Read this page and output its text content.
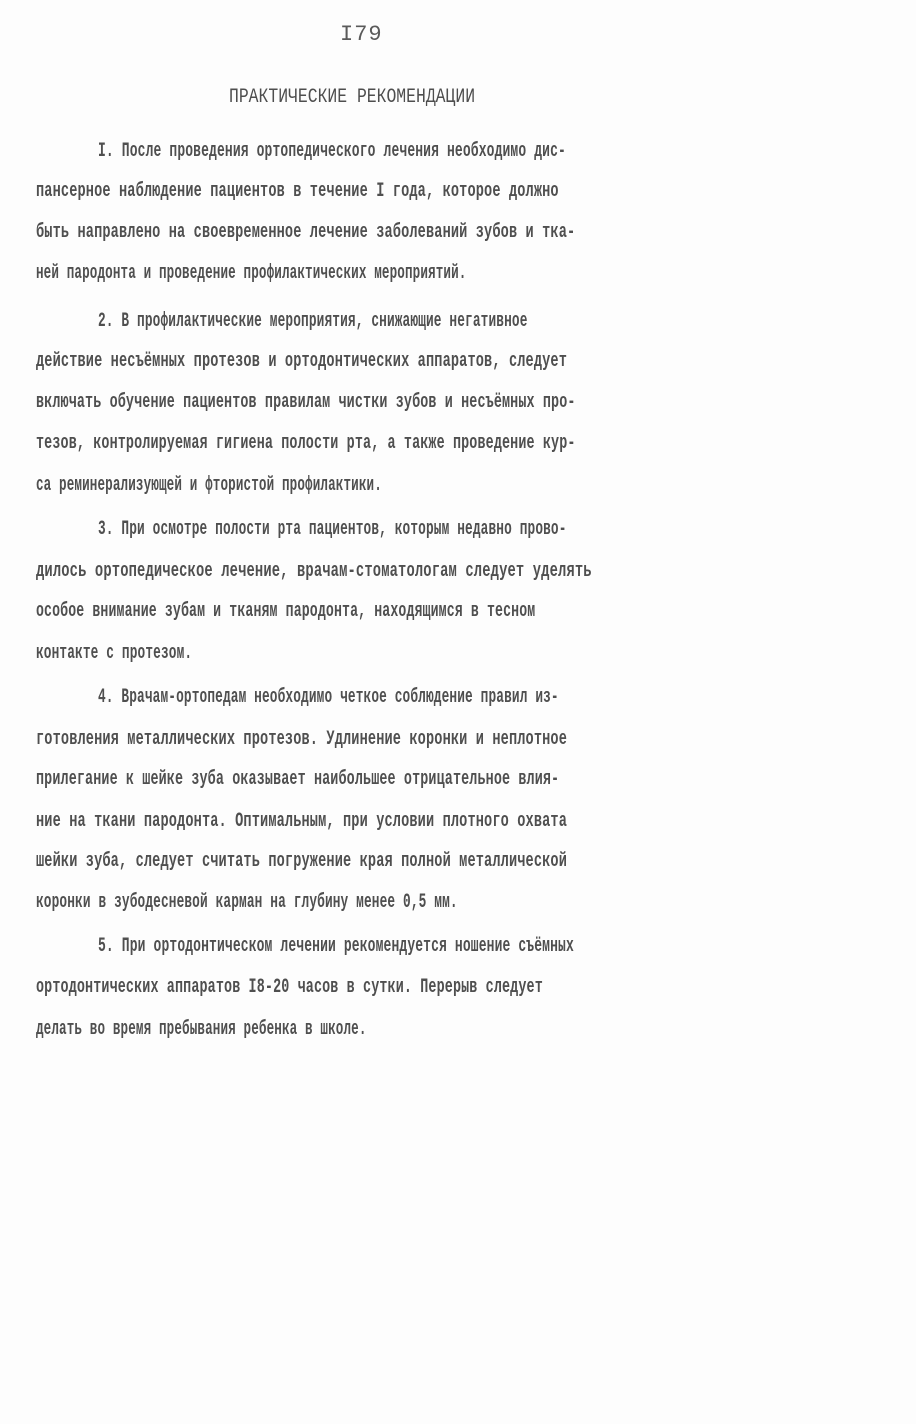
I79
ПРАКТИЧЕСКИЕ РЕКОМЕНДАЦИИ
I. После проведения ортопедического лечения необходимо дис-
пансерное наблюдение пациентов в течение I года, которое должно
быть направлено на своевременное лечение заболеваний зубов и тка-
ней пародонта и проведение профилактических мероприятий.
2. В профилактические мероприятия, снижающие негативное
действие несъёмных протезов и ортодонтических аппаратов, следует
включать обучение пациентов правилам чистки зубов и несъёмных про-
тезов, контролируемая гигиена полости рта, а также проведение кур-
са реминерализующей и фтористой профилактики.
3. При осмотре полости рта пациентов, которым недавно прово-
дилось ортопедическое лечение, врачам-стоматологам следует уделять
особое внимание зубам и тканям пародонта, находящимся в тесном
контакте с протезом.
4. Врачам-ортопедам необходимо четкое соблюдение правил из-
готовления металлических протезов. Удлинение коронки и неплотное
прилегание к шейке зуба оказывает наибольшее отрицательное влия-
ние на ткани пародонта. Оптимальным, при условии плотного охвата
шейки зуба, следует считать погружение края полной металлической
коронки в зубодесневой карман на глубину менее 0,5 мм.
5. При ортодонтическом лечении рекомендуется ношение съёмных
ортодонтических аппаратов I8-20 часов в сутки. Перерыв следует
делать во время пребывания ребенка в школе.
